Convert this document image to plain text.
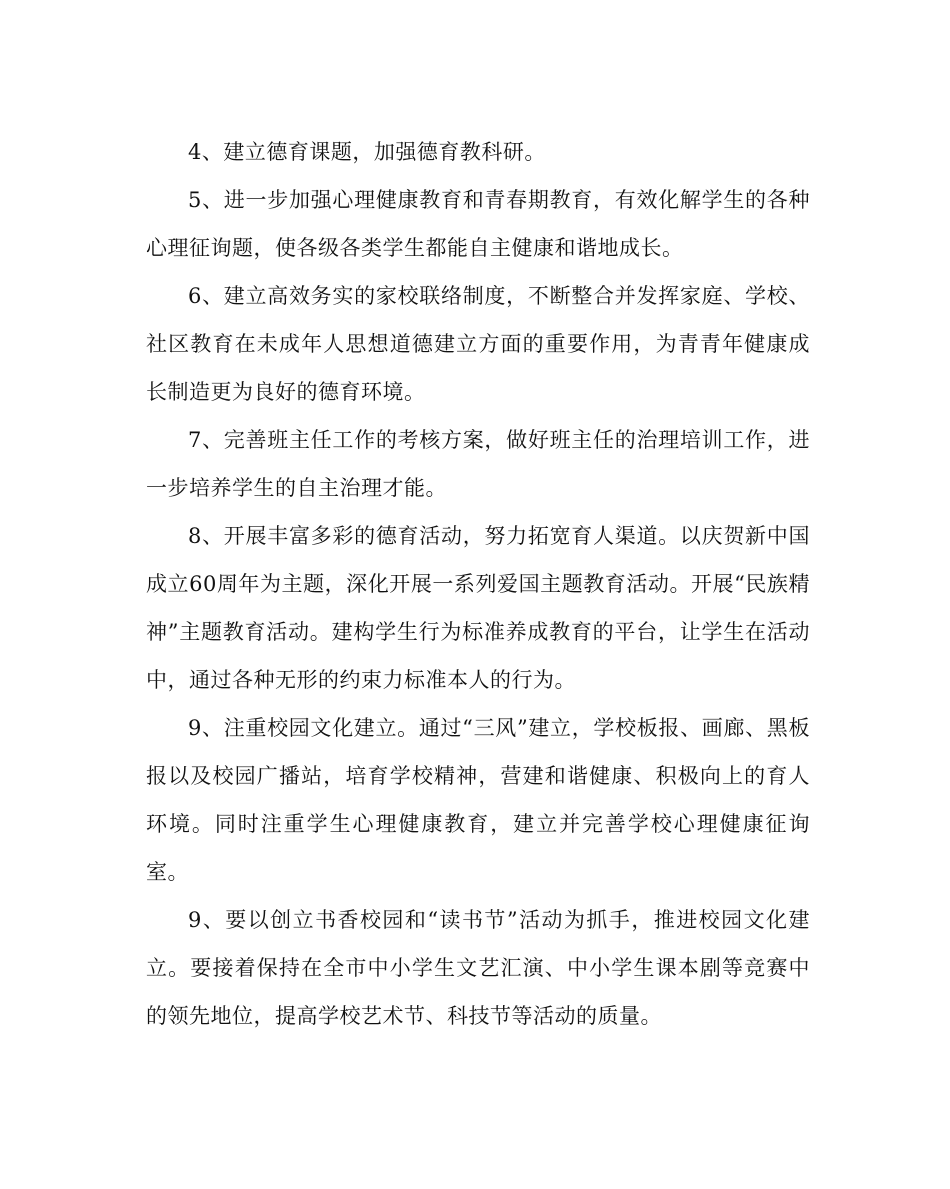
4、建立德育课题，加强德育教科研。

5、进一步加强心理健康教育和青春期教育，有效化解学生的各种心理征询题，使各级各类学生都能自主健康和谐地成长。

6、建立高效务实的家校联络制度，不断整合并发挥家庭、学校、社区教育在未成年人思想道德建立方面的重要作用，为青青年健康成长制造更为良好的德育环境。

7、完善班主任工作的考核方案，做好班主任的治理培训工作，进一步培养学生的自主治理才能。

8、开展丰富多彩的德育活动，努力拓宽育人渠道。以庆贺新中国成立60周年为主题，深化开展一系列爱国主题教育活动。开展“民族精神”主题教育活动。建构学生行为标准养成教育的平台，让学生在活动中，通过各种无形的约束力标准本人的行为。

9、注重校园文化建立。通过“三风”建立，学校板报、画廊、黑板报以及校园广播站，培育学校精神，营建和谐健康、积极向上的育人环境。同时注重学生心理健康教育，建立并完善学校心理健康征询室。

9、要以创立书香校园和“读书节”活动为抓手，推进校园文化建立。要接着保持在全市中小学生文艺汇演、中小学生课本剧等竞赛中的领先地位，提高学校艺术节、科技节等活动的质量。
